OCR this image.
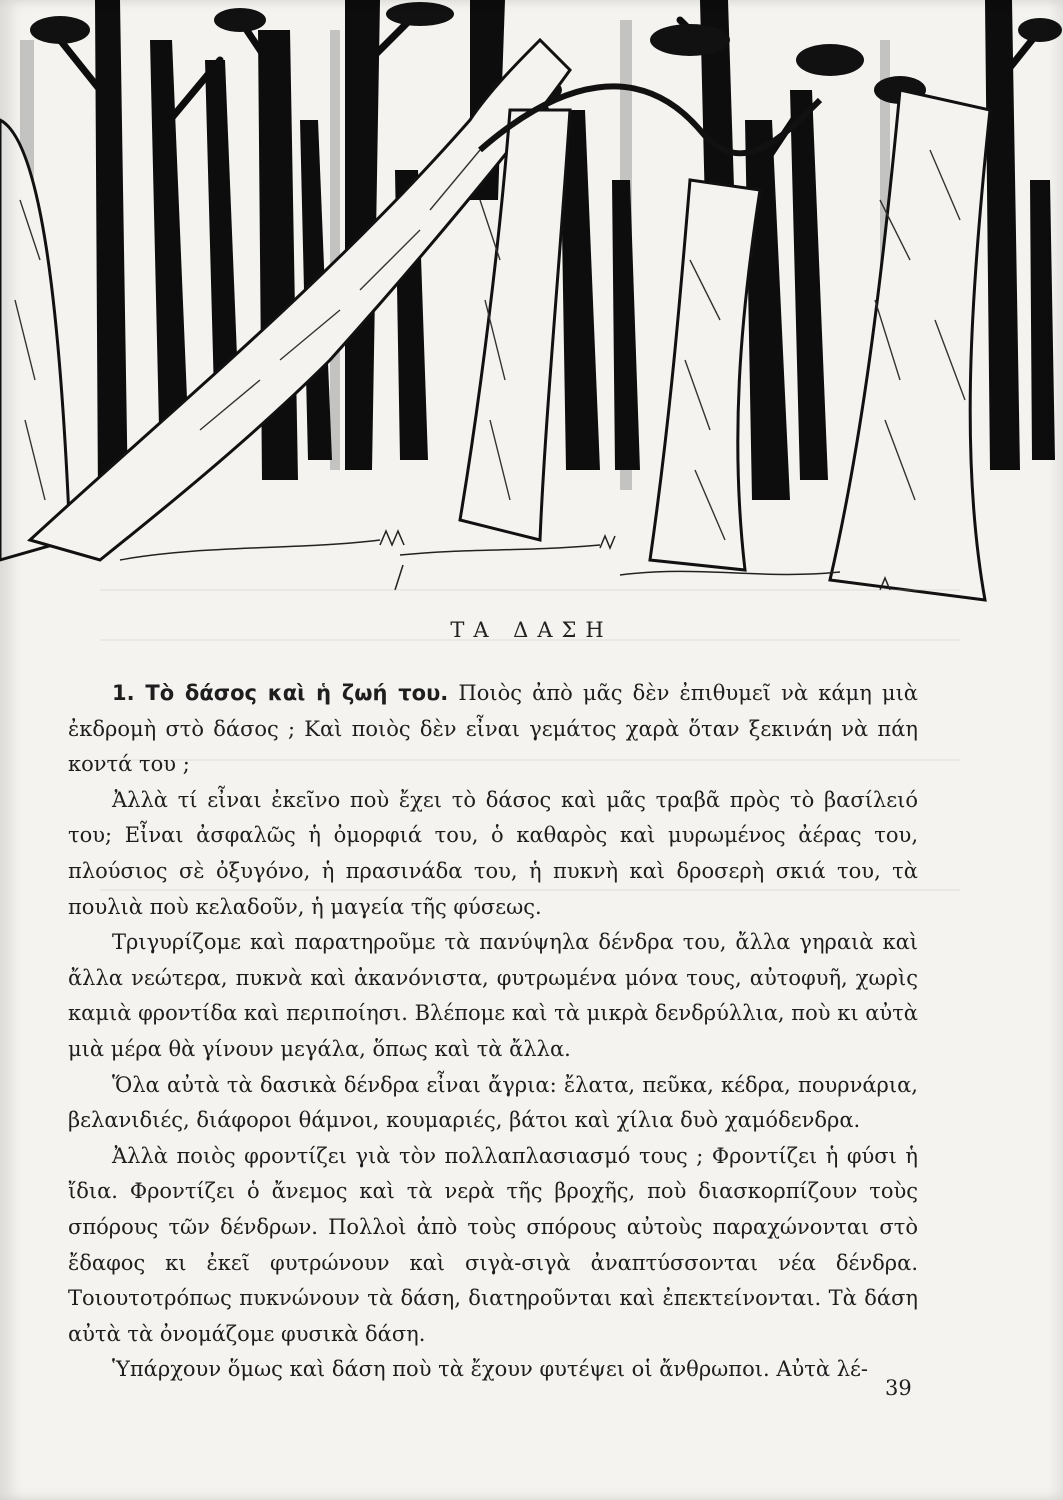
ΤΑ ΔΑΣΗ

1. Τὸ δάσος καὶ ἡ ζωή του. Ποιὸς ἀπὸ μᾶς δὲν ἐπιθυμεῖ νὰ κάμη μιὰ ἐκδρομὴ στὸ δάσος ; Καὶ ποιὸς δὲν εἶναι γεμάτος χαρὰ ὅταν ξεκινάη νὰ πάη κοντά του ;

Ἀλλὰ τί εἶναι ἐκεῖνο ποὺ ἔχει τὸ δάσος καὶ μᾶς τραβᾶ πρὸς τὸ βασίλειό του; Εἶναι ἀσφαλῶς ἡ ὀμορφιά του, ὁ καθαρὸς καὶ μυρωμένος ἀέρας του, πλούσιος σὲ ὀξυγόνο, ἡ πρασινάδα του, ἡ πυκνὴ καὶ δροσερὴ σκιά του, τὰ πουλιὰ ποὺ κελαδοῦν, ἡ μαγεία τῆς φύσεως.

Τριγυρίζομε καὶ παρατηροῦμε τὰ πανύψηλα δένδρα του, ἄλλα γηραιὰ καὶ ἄλλα νεώτερα, πυκνὰ καὶ ἀκανόνιστα, φυτρωμένα μόνα τους, αὐτοφυῆ, χωρὶς καμιὰ φροντίδα καὶ περιποίησι. Βλέπομε καὶ τὰ μικρὰ δενδρύλλια, ποὺ κι αὐτὰ μιὰ μέρα θὰ γίνουν μεγάλα, ὅπως καὶ τὰ ἄλλα.

Ὅλα αὐτὰ τὰ δασικὰ δένδρα εἶναι ἄγρια: ἔλατα, πεῦκα, κέδρα, πουρνάρια, βελανιδιές, διάφοροι θάμνοι, κουμαριές, βάτοι καὶ χίλια δυὸ χαμόδενδρα.

Ἀλλὰ ποιὸς φροντίζει γιὰ τὸν πολλαπλασιασμό τους ; Φροντίζει ἡ φύσι ἡ ἴδια. Φροντίζει ὁ ἄνεμος καὶ τὰ νερὰ τῆς βροχῆς, ποὺ διασκορπίζουν τοὺς σπόρους τῶν δένδρων. Πολλοὶ ἀπὸ τοὺς σπόρους αὐτοὺς παραχώνονται στὸ ἔδαφος κι ἐκεῖ φυτρώνουν καὶ σιγὰ-σιγὰ ἀναπτύσσονται νέα δένδρα. Τοιουτοτρόπως πυκνώνουν τὰ δάση, διατηροῦνται καὶ ἐπεκτείνονται. Τὰ δάση αὐτὰ τὰ ὀνομάζομε φυσικὰ δάση.

Ὑπάρχουν ὅμως καὶ δάση ποὺ τὰ ἔχουν φυτέψει οἱ ἄνθρωποι. Αὐτὰ λέ-

39
